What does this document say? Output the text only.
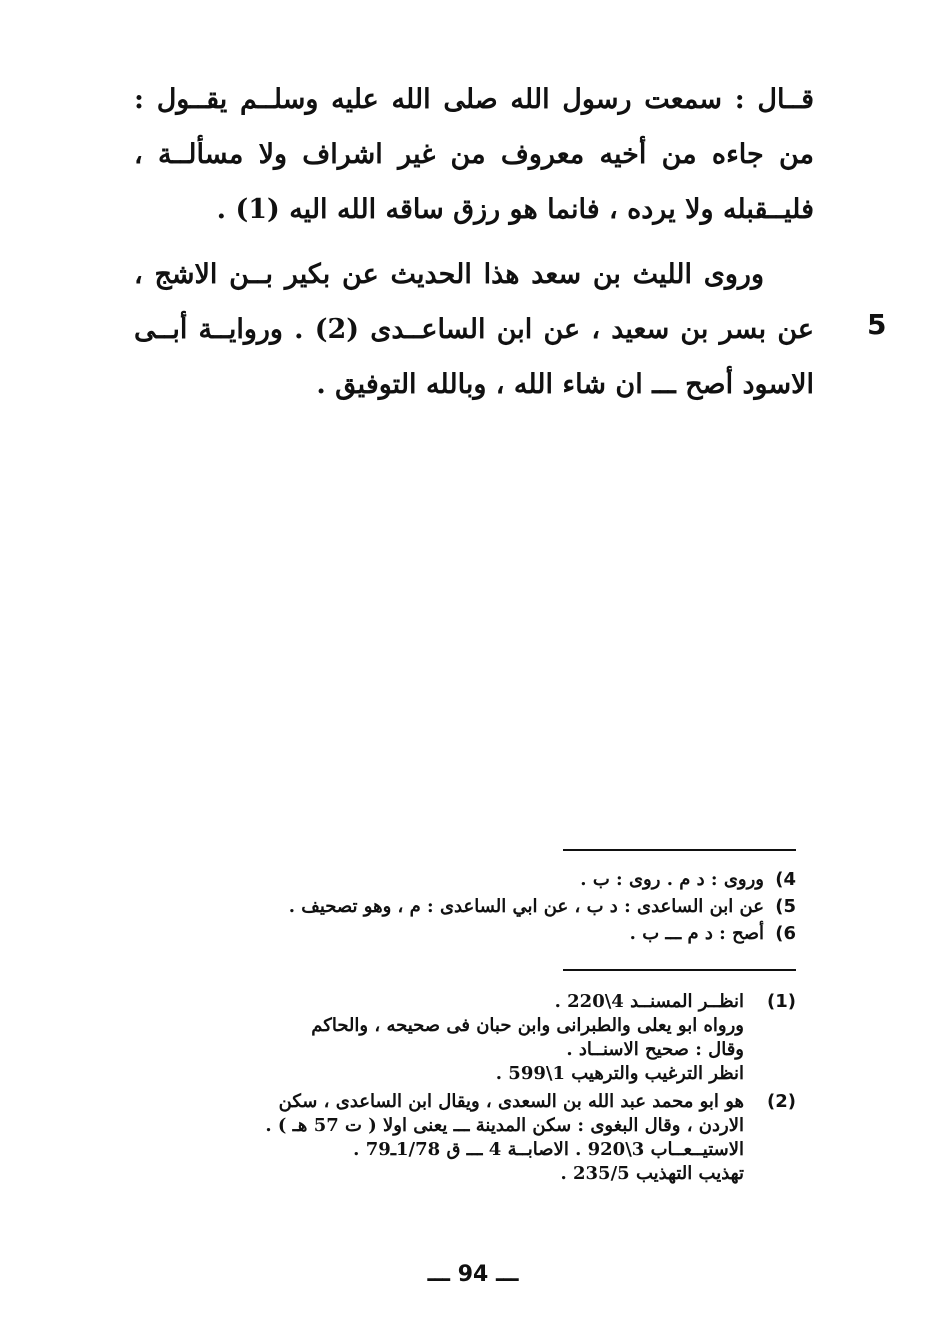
قــال : سمعت رسول الله صلى الله عليه وسلــم يقــول : من جاءه من أخيه معروف من غير اشراف ولا مسألــة ، فليــقبله ولا يرده ، فانما هو رزق ساقه الله اليه (1) .

وروى الليث بن سعد هذا الحديث عن بكير بــن الاشج ، عن بسر بن سعيد ، عن ابن الساعــدى (2) . وروايــة أبــى الاسود أصح ـــ ان شاء الله ، وبالله التوفيق .

5
4)
وروى : د م . روى : ب .
5)
عن ابن الساعدى : د ب ، عن ابي الساعدى : م ، وهو تصحيف .
6)
أصح : د م ـــ ب .
(1)
انظــر المسنــد 4\220 .
ورواه ابو يعلى والطبرانى وابن حبان فى صحيحه ، والحاكم
وقال : صحيح الاسنــاد .
انظر الترغيب والترهيب 1\599 .
(2)
هو ابو محمد عبد الله بن السعدى ، ويقال ابن الساعدى ، سكن
الاردن ، وقال البغوى : سكن المدينة ـــ يعنى اولا ( ت 57 هـ ) .
الاستيــعــاب 3\920 . الاصابــة 4 ـــ ق 1/78ـ79 .
تهذيب التهذيب 235/5 .
ـــ 94 ـــ
